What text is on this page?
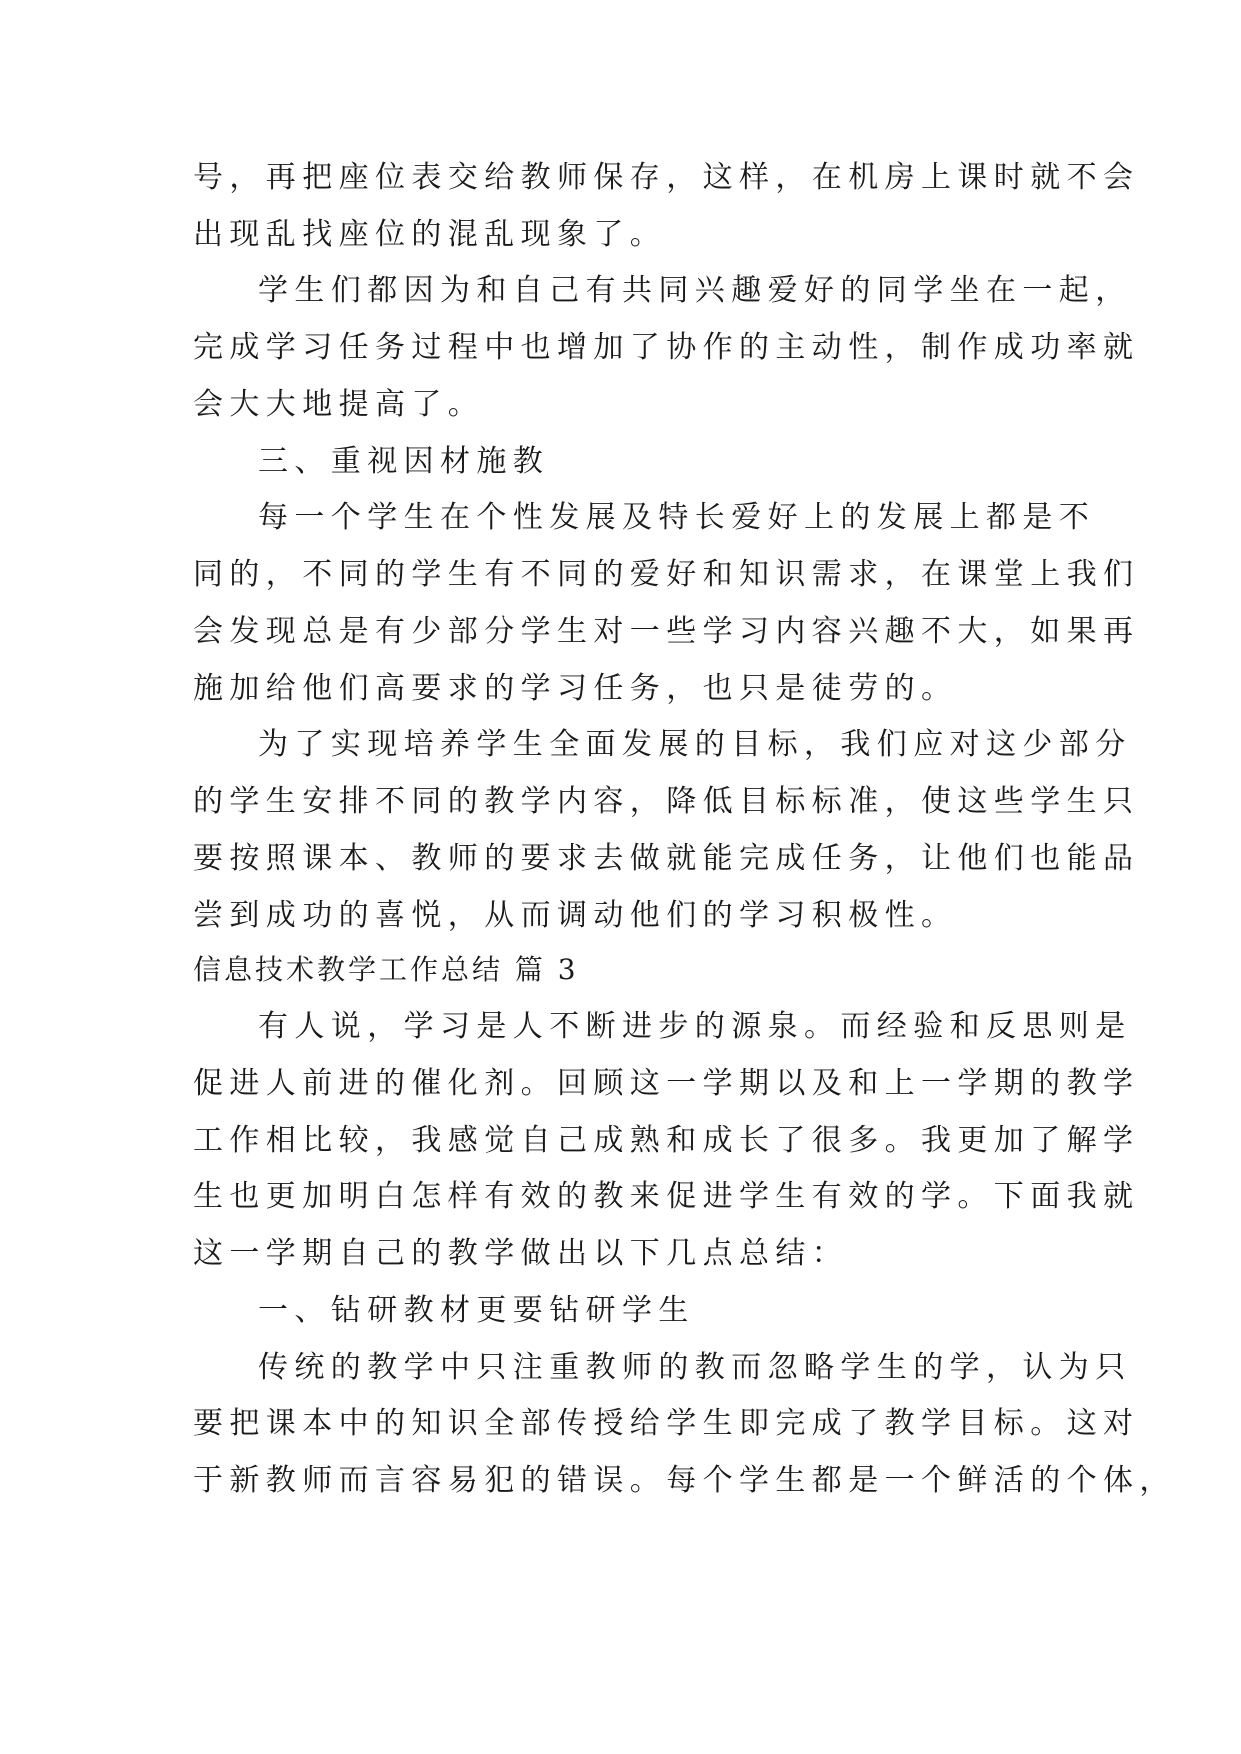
号，再把座位表交给教师保存，这样，在机房上课时就不会
出现乱找座位的混乱现象了。
学生们都因为和自己有共同兴趣爱好的同学坐在一起，
完成学习任务过程中也增加了协作的主动性，制作成功率就
会大大地提高了。
三、重视因材施教
每一个学生在个性发展及特长爱好上的发展上都是不
同的，不同的学生有不同的爱好和知识需求，在课堂上我们
会发现总是有少部分学生对一些学习内容兴趣不大，如果再
施加给他们高要求的学习任务，也只是徒劳的。
为了实现培养学生全面发展的目标，我们应对这少部分
的学生安排不同的教学内容，降低目标标准，使这些学生只
要按照课本、教师的要求去做就能完成任务，让他们也能品
尝到成功的喜悦，从而调动他们的学习积极性。
信息技术教学工作总结 篇 3
有人说，学习是人不断进步的源泉。而经验和反思则是
促进人前进的催化剂。回顾这一学期以及和上一学期的教学
工作相比较，我感觉自己成熟和成长了很多。我更加了解学
生也更加明白怎样有效的教来促进学生有效的学。下面我就
这一学期自己的教学做出以下几点总结：
一、钻研教材更要钻研学生
传统的教学中只注重教师的教而忽略学生的学，认为只
要把课本中的知识全部传授给学生即完成了教学目标。这对
于新教师而言容易犯的错误。每个学生都是一个鲜活的个体，
